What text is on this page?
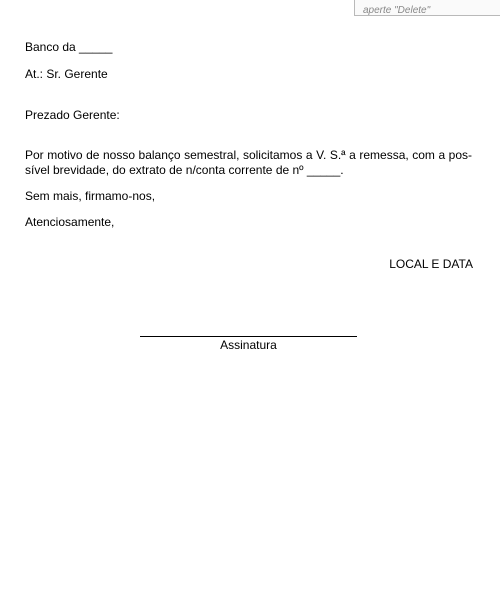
aperte "Delete"
Banco da _____
At.: Sr. Gerente
Prezado Gerente:
Por motivo de nosso balanço semestral, solicitamos a V. S.ª a remessa, com a pos-
sível brevidade, do extrato de n/conta corrente de nº _____.
Sem mais, firmamo-nos,
Atenciosamente,
LOCAL E DATA
Assinatura
